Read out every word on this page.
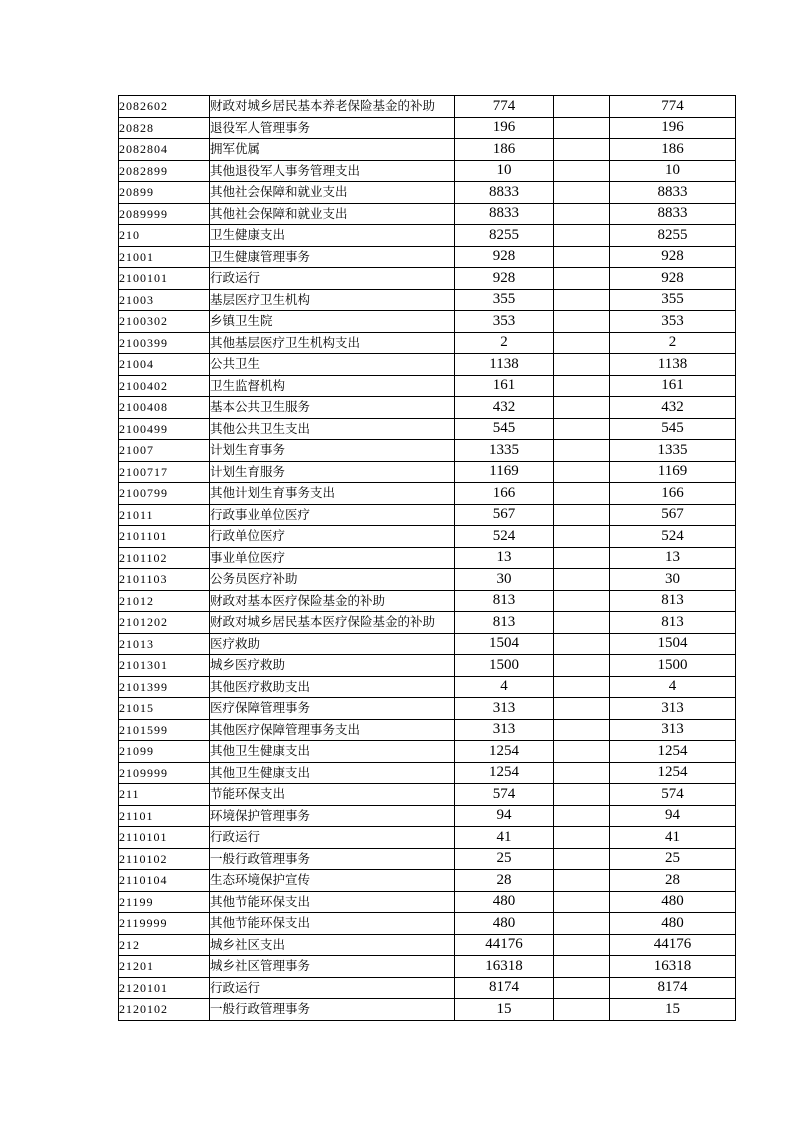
2082602	财政对城乡居民基本养老保险基金的补助	774		774
20828	退役军人管理事务	196		196
2082804	拥军优属	186		186
2082899	其他退役军人事务管理支出	10		10
20899	其他社会保障和就业支出	8833		8833
2089999	其他社会保障和就业支出	8833		8833
210	卫生健康支出	8255		8255
21001	卫生健康管理事务	928		928
2100101	行政运行	928		928
21003	基层医疗卫生机构	355		355
2100302	乡镇卫生院	353		353
2100399	其他基层医疗卫生机构支出	2		2
21004	公共卫生	1138		1138
2100402	卫生监督机构	161		161
2100408	基本公共卫生服务	432		432
2100499	其他公共卫生支出	545		545
21007	计划生育事务	1335		1335
2100717	计划生育服务	1169		1169
2100799	其他计划生育事务支出	166		166
21011	行政事业单位医疗	567		567
2101101	行政单位医疗	524		524
2101102	事业单位医疗	13		13
2101103	公务员医疗补助	30		30
21012	财政对基本医疗保险基金的补助	813		813
2101202	财政对城乡居民基本医疗保险基金的补助	813		813
21013	医疗救助	1504		1504
2101301	城乡医疗救助	1500		1500
2101399	其他医疗救助支出	4		4
21015	医疗保障管理事务	313		313
2101599	其他医疗保障管理事务支出	313		313
21099	其他卫生健康支出	1254		1254
2109999	其他卫生健康支出	1254		1254
211	节能环保支出	574		574
21101	环境保护管理事务	94		94
2110101	行政运行	41		41
2110102	一般行政管理事务	25		25
2110104	生态环境保护宣传	28		28
21199	其他节能环保支出	480		480
2119999	其他节能环保支出	480		480
212	城乡社区支出	44176		44176
21201	城乡社区管理事务	16318		16318
2120101	行政运行	8174		8174
2120102	一般行政管理事务	15		15
